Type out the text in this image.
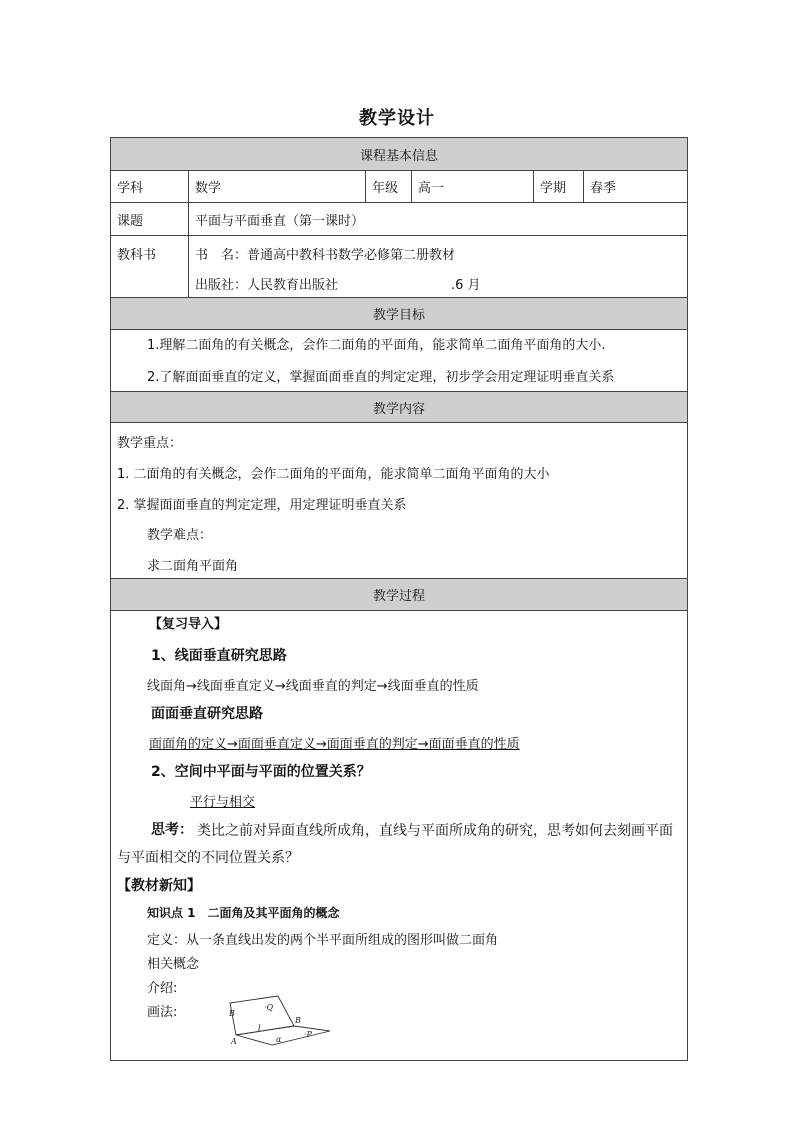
教学设计
课程基本信息
学科	数学	年级	高一	学期	春季
课题	平面与平面垂直（第一课时）
教科书	书　名：普通高中教科书数学必修第二册教材
出版社：人民教育出版社	.6 月
教学目标
1.理解二面角的有关概念，会作二面角的平面角，能求简单二面角平面角的大小.
2.了解面面垂直的定义，掌握面面垂直的判定定理，初步学会用定理证明垂直关系
教学内容
教学重点：
1. 二面角的有关概念，会作二面角的平面角，能求简单二面角平面角的大小
2. 掌握面面垂直的判定定理，用定理证明垂直关系
教学难点：
求二面角平面角
教学过程
【复习导入】
1、线面垂直研究思路
线面角→线面垂直定义→线面垂直的判定→线面垂直的性质
面面垂直研究思路
面面角的定义→面面垂直定义→面面垂直的判定→面面垂直的性质
2、空间中平面与平面的位置关系？
平行与相交
思考： 类比之前对异面直线所成角，直线与平面所成角的研究，思考如何去刻画平面
与平面相交的不同位置关系？
【教材新知】
知识点 1　二面角及其平面角的概念
定义：从一条直线出发的两个半平面所组成的图形叫做二面角
相关概念
介绍:
画法:	B
·Q
l
B
·P
A	α
